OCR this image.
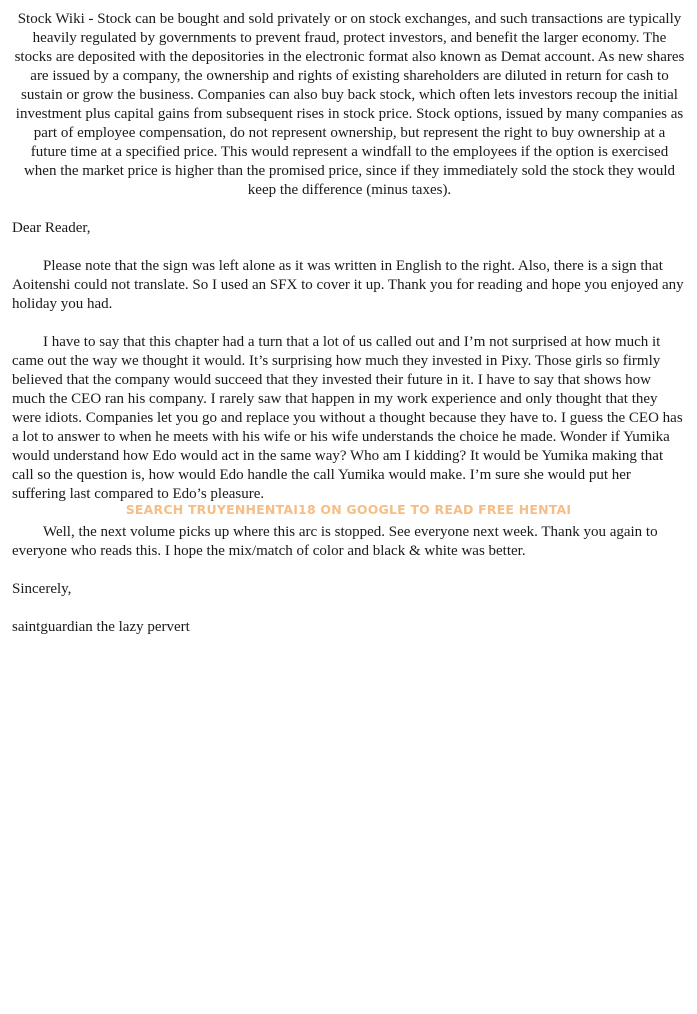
Stock Wiki - Stock can be bought and sold privately or on stock exchanges, and such transactions are typically heavily regulated by governments to prevent fraud, protect investors, and benefit the larger economy. The stocks are deposited with the depositories in the electronic format also known as Demat account. As new shares are issued by a company, the ownership and rights of existing shareholders are diluted in return for cash to sustain or grow the business. Companies can also buy back stock, which often lets investors recoup the initial investment plus capital gains from subsequent rises in stock price. Stock options, issued by many companies as part of employee compensation, do not represent ownership, but represent the right to buy ownership at a future time at a specified price. This would represent a windfall to the employees if the option is exercised when the market price is higher than the promised price, since if they immediately sold the stock they would keep the difference (minus taxes).

Dear Reader,

Please note that the sign was left alone as it was written in English to the right. Also, there is a sign that Aoitenshi could not translate. So I used an SFX to cover it up. Thank you for reading and hope you enjoyed any holiday you had.

I have to say that this chapter had a turn that a lot of us called out and I’m not surprised at how much it came out the way we thought it would. It’s surprising how much they invested in Pixy. Those girls so firmly believed that the company would succeed that they invested their future in it. I have to say that shows how much the CEO ran his company. I rarely saw that happen in my work experience and only thought that they were idiots. Companies let you go and replace you without a thought because they have to. I guess the CEO has a lot to answer to when he meets with his wife or his wife understands the choice he made. Wonder if Yumika would understand how Edo would act in the same way? Who am I kidding? It would be Yumika making that call so the question is, how would Edo handle the call Yumika would make. I’m sure she would put her suffering last compared to Edo’s pleasure.

Well, the next volume picks up where this arc is stopped. See everyone next week. Thank you again to everyone who reads this. I hope the mix/match of color and black & white was better.

Sincerely,

saintguardian the lazy pervert

SEARCH TRUYENHENTAI18 ON GOOGLE TO READ FREE HENTAI
